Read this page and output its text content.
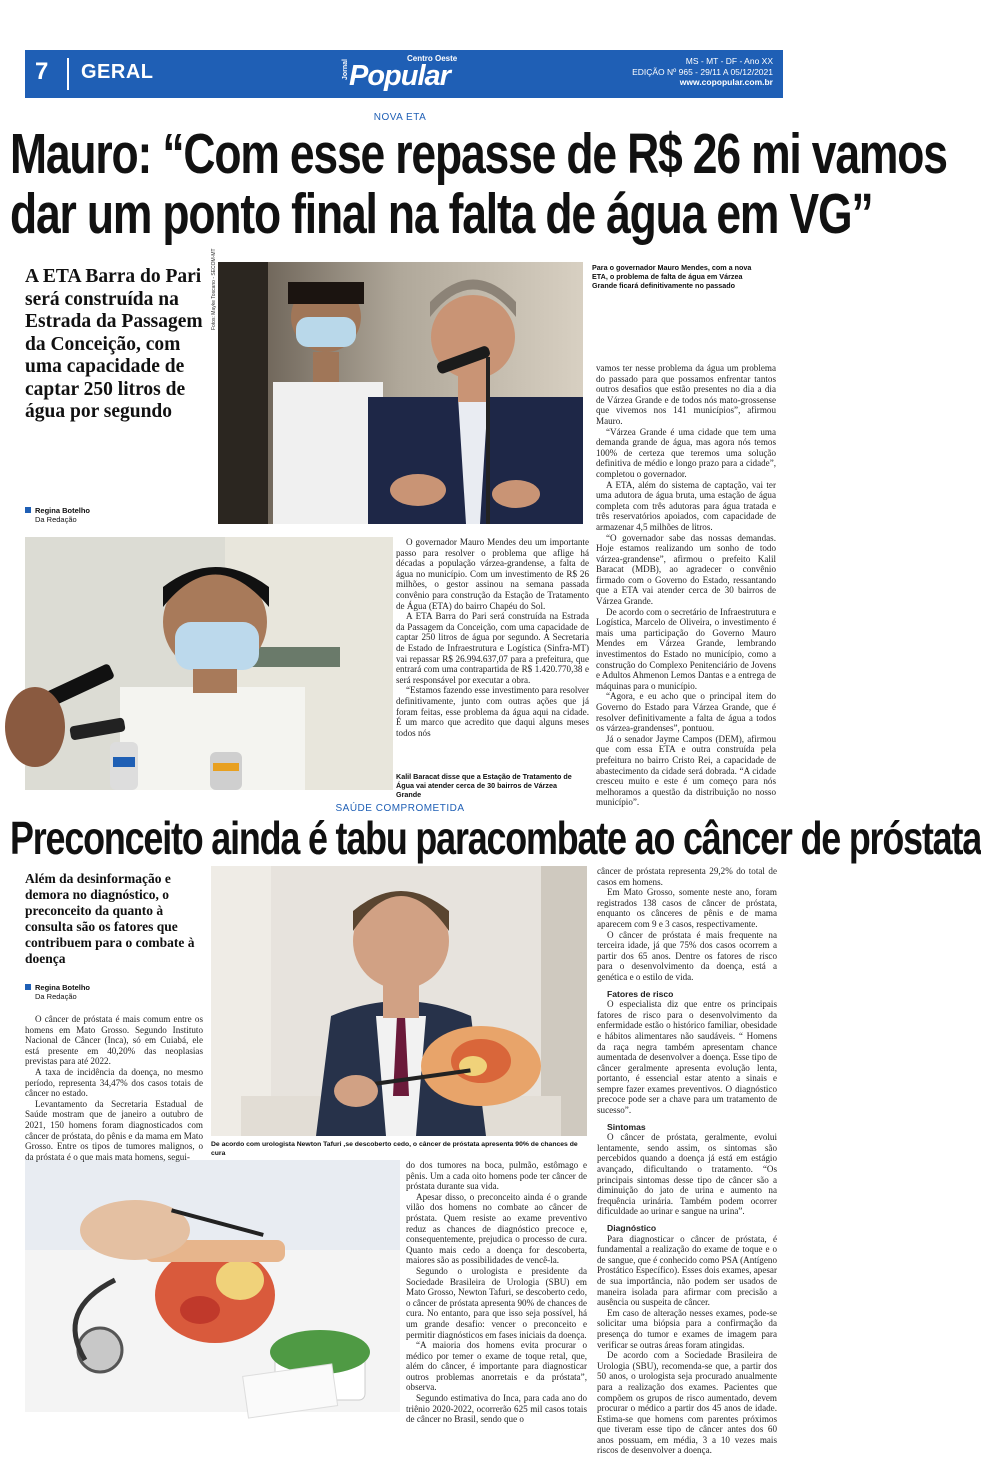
7 GERAL	Jornal
Centro Oeste
Popular	MS - MT - DF - Ano XX
EDIÇÃO Nº 965 - 29/11 A 05/12/2021
www.copopular.com.br
NOVA ETA
Mauro: “Com esse repasse de R$ 26 mi vamos
dar um ponto final na falta de água em VG”
A ETA Barra do Pari será construída na Estrada da Passagem da Conceição, com uma capacidade de captar 250 litros de água por segundo
Regina Botelho
Da Redação
Fotos: Mayke Toscano - SECOM-MT	Para o governador Mauro Mendes, com a nova ETA, o problema de falta de água em Várzea Grande ficará definitivamente no passado
Kalil Baracat disse que a Estação de Tratamento de Água vai atender cerca de 30 bairros de Várzea Grande

O governador Mauro Mendes deu um importante passo para resolver o problema que aflige há décadas a população várzea-grandense, a falta de água no município. Com um investimento de R$ 26 milhões, o gestor assinou na semana passada convênio para construção da Estação de Tratamento de Água (ETA) do bairro Chapéu do Sol.

A ETA Barra do Pari será construída na Estrada da Passagem da Conceição, com uma capacidade de captar 250 litros de água por segundo. A Secretaria de Estado de Infraestrutura e Logística (Sinfra-MT) vai repassar R$ 26.994.637,07 para a prefeitura, que entrará com uma contrapartida de R$ 1.420.770,38 e será responsável por executar a obra.

“Estamos fazendo esse investimento para resolver definitivamente, junto com outras ações que já foram feitas, esse problema da água aqui na cidade. É um marco que acredito que daqui alguns meses todos nós

vamos ter nesse problema da água um problema do passado para que possamos enfrentar tantos outros desafios que estão presentes no dia a dia de Várzea Grande e de todos nós mato-grossense que vivemos nos 141 municípios”, afirmou Mauro.

“Várzea Grande é uma cidade que tem uma demanda grande de água, mas agora nós temos 100% de certeza que teremos uma solução definitiva de médio e longo prazo para a cidade”, completou o governador.

A ETA, além do sistema de captação, vai ter uma adutora de água bruta, uma estação de água completa com três adutoras para água tratada e três reservatórios apoiados, com capacidade de armazenar 4,5 milhões de litros.

“O governador sabe das nossas demandas. Hoje estamos realizando um sonho de todo várzea-grandense”, afirmou o prefeito Kalil Baracat (MDB), ao agradecer o convênio firmado com o Governo do Estado, ressantando que a ETA vai atender cerca de 30 bairros de Várzea Grande.

De acordo com o secretário de Infraestrutura e Logística, Marcelo de Oliveira, o investimento é mais uma participação do Governo Mauro Mendes em Várzea Grande, lembrando investimentos do Estado no município, como a construção do Complexo Penitenciário de Jovens e Adultos Ahmenon Lemos Dantas e a entrega de máquinas para o município.

“Agora, e eu acho que o principal item do Governo do Estado para Várzea Grande, que é resolver definitivamente a falta de água a todos os várzea-grandenses”, pontuou.

Já o senador Jayme Campos (DEM), afirmou que com essa ETA e outra construída pela prefeitura no bairro Cristo Rei, a capacidade de abastecimento da cidade será dobrada. “A cidade cresceu muito e este é um começo para nós melhoramos a questão da distribuição no nosso município”.

SAÚDE COMPROMETIDA
Preconceito ainda é tabu paracombate ao câncer de próstata
Além da desinformação e demora no diagnóstico, o preconceito da quanto à consulta são os fatores que contribuem para o combate à doença
Regina Botelho
Da Redação
De acordo com urologista Newton Tafuri ,se descoberto cedo, o câncer de próstata apresenta 90% de chances de cura

O câncer de próstata é mais comum entre os homens em Mato Grosso. Segundo Instituto Nacional de Câncer (Inca), só em Cuiabá, ele está presente em 40,20% das neoplasias previstas para até 2022.

A taxa de incidência da doença, no mesmo período, representa 34,47% dos casos totais de câncer no estado.

Levantamento da Secretaria Estadual de Saúde mostram que de janeiro a outubro de 2021, 150 homens foram diagnosticados com câncer de próstata, do pênis e da mama em Mato Grosso. Entre os tipos de tumores malignos, o da próstata é o que mais mata homens, segui-

do dos tumores na boca, pulmão, estômago e pênis. Um a cada oito homens pode ter câncer de próstata durante sua vida.

Apesar disso, o preconceito ainda é o grande vilão dos homens no combate ao câncer de próstata. Quem resiste ao exame preventivo reduz as chances de diagnóstico precoce e, consequentemente, prejudica o processo de cura. Quanto mais cedo a doença for descoberta, maiores são as possibilidades de vencê-la.

Segundo o urologista e presidente da Sociedade Brasileira de Urologia (SBU) em Mato Grosso, Newton Tafuri, se descoberto cedo, o câncer de próstata apresenta 90% de chances de cura. No entanto, para que isso seja possível, há um grande desafio: vencer o preconceito e permitir diagnósticos em fases iniciais da doença.

“A maioria dos homens evita procurar o médico por temer o exame de toque retal, que, além do câncer, é importante para diagnosticar outros problemas anorretais e da próstata”, observa.

Segundo estimativa do Inca, para cada ano do triênio 2020-2022, ocorrerão 625 mil casos totais de câncer no Brasil, sendo que o

câncer de próstata representa 29,2% do total de casos em homens.

Em Mato Grosso, somente neste ano, foram registrados 138 casos de câncer de próstata, enquanto os cânceres de pênis e de mama aparecem com 9 e 3 casos, respectivamente.

O câncer de próstata é mais frequente na terceira idade, já que 75% dos casos ocorrem a partir dos 65 anos. Dentre os fatores de risco para o desenvolvimento da doença, está a genética e o estilo de vida.

Fatores de risco

O especialista diz que entre os principais fatores de risco para o desenvolvimento da enfermidade estão o histórico familiar, obesidade e hábitos alimentares não saudáveis. “ Homens da raça negra também apresentam chance aumentada de desenvolver a doença. Esse tipo de câncer geralmente apresenta evolução lenta, portanto, é essencial estar atento a sinais e sempre fazer exames preventivos. O diagnóstico precoce pode ser a chave para um tratamento de sucesso”.

Sintomas

O câncer de próstata, geralmente, evolui lentamente, sendo assim, os sintomas são percebidos quando a doença já está em estágio avançado, dificultando o tratamento. “Os principais sintomas desse tipo de câncer são a diminuição do jato de urina e aumento na frequência urinária. Também podem ocorrer dificuldade ao urinar e sangue na urina”.

Diagnóstico

Para diagnosticar o câncer de próstata, é fundamental a realização do exame de toque e o de sangue, que é conhecido como PSA (Antígeno Prostático Específico). Esses dois exames, apesar de sua importância, não podem ser usados de maneira isolada para afirmar com precisão a ausência ou suspeita de câncer.

Em caso de alteração nesses exames, pode-se solicitar uma biópsia para a confirmação da presença do tumor e exames de imagem para verificar se outras áreas foram atingidas.

De acordo com a Sociedade Brasileira de Urologia (SBU), recomenda-se que, a partir dos 50 anos, o urologista seja procurado anualmente para a realização dos exames. Pacientes que compõem os grupos de risco aumentado, devem procurar o médico a partir dos 45 anos de idade. Estima-se que homens com parentes próximos que tiveram esse tipo de câncer antes dos 60 anos possuam, em média, 3 a 10 vezes mais riscos de desenvolver a doença.
